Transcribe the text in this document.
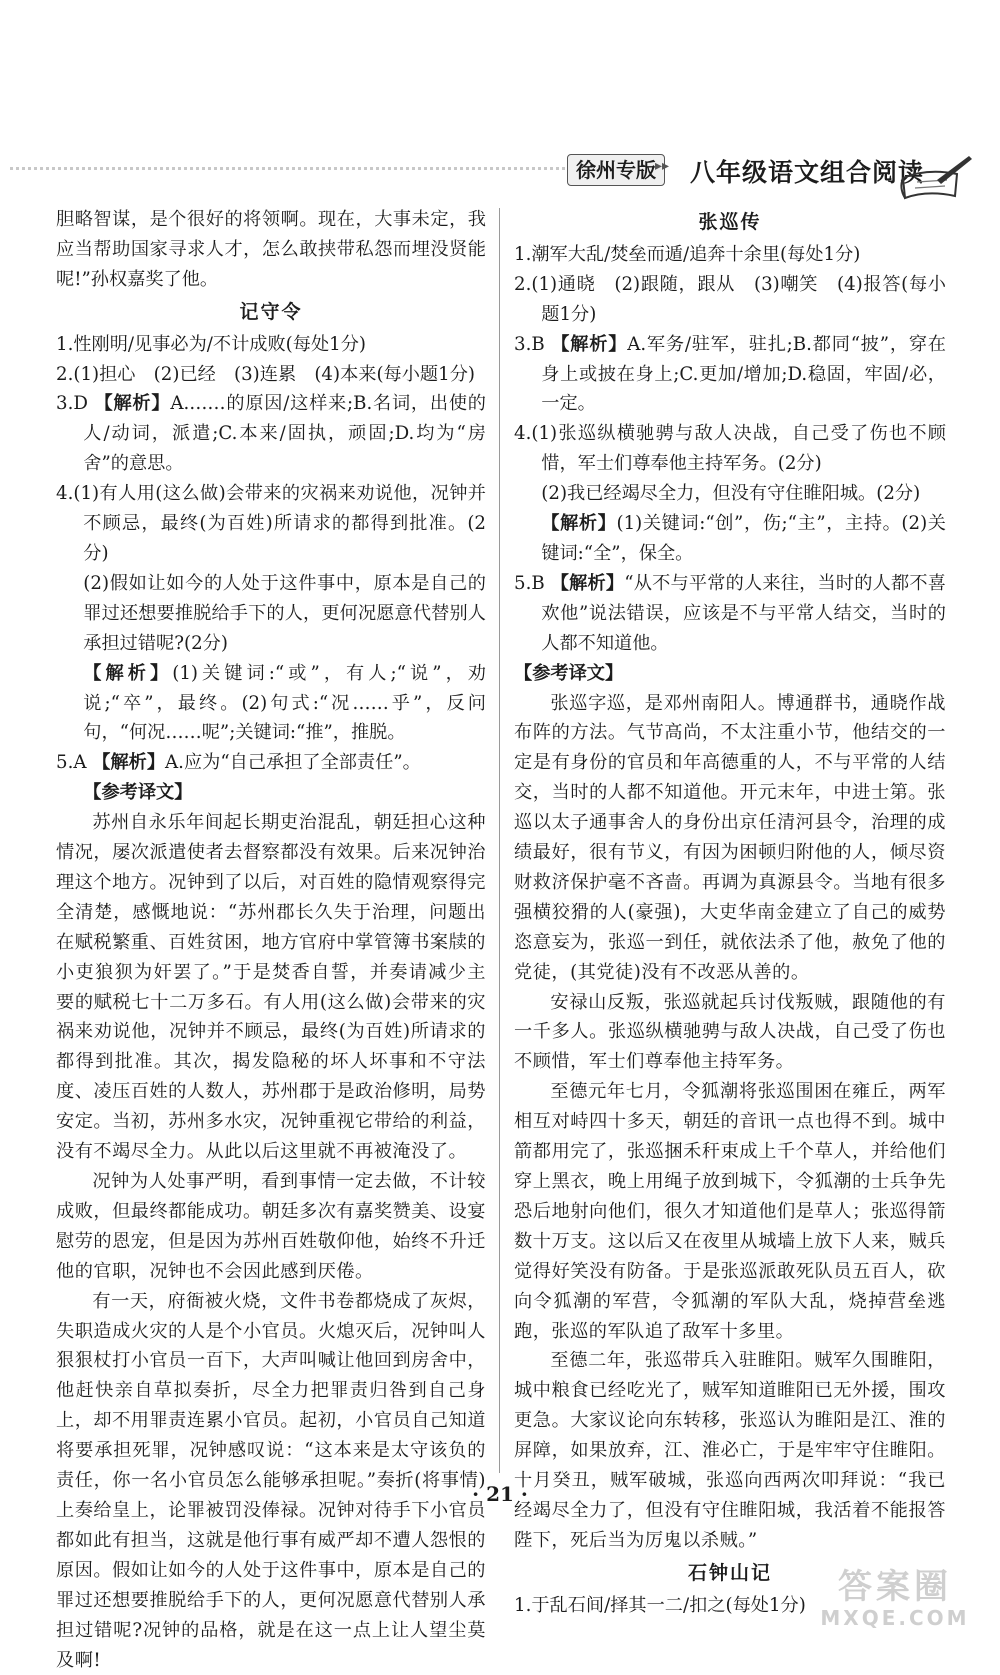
徐州专版 ▸▸ 八年级语文组合阅读

胆略智谋，是个很好的将领啊。现在，大事未定，我应当帮助国家寻求人才，怎么敢挟带私怨而埋没贤能呢!”孙权嘉奖了他。

记守令

1.性刚明/见事必为/不计成败(每处1分)

2.(1)担心　(2)已经　(3)连累　(4)本来(每小题1分)

3.D 【解析】A.……的原因/这样来;B.名词，出使的人/动词，派遣;C.本来/固执，顽固;D.均为“房舍”的意思。

4.(1)有人用(这么做)会带来的灾祸来劝说他，况钟并不顾忌，最终(为百姓)所请求的都得到批准。(2分)

(2)假如让如今的人处于这件事中，原本是自己的罪过还想要推脱给手下的人，更何况愿意代替别人承担过错呢?(2分)

【解析】(1)关键词:“或”，有人;“说”，劝说;“卒”，最终。(2)句式:“况……乎”，反问句，“何况……呢”;关键词:“推”，推脱。

5.A 【解析】A.应为“自己承担了全部责任”。

【参考译文】

苏州自永乐年间起长期吏治混乱，朝廷担心这种情况，屡次派遣使者去督察都没有效果。后来况钟治理这个地方。况钟到了以后，对百姓的隐情观察得完全清楚，感慨地说：“苏州郡长久失于治理，问题出在赋税繁重、百姓贫困，地方官府中掌管簿书案牍的小吏狼狈为奸罢了。”于是焚香自誓，并奏请减少主要的赋税七十二万多石。有人用(这么做)会带来的灾祸来劝说他，况钟并不顾忌，最终(为百姓)所请求的都得到批准。其次，揭发隐秘的坏人坏事和不守法度、凌压百姓的人数人，苏州郡于是政治修明，局势安定。当初，苏州多水灾，况钟重视它带给的利益，没有不竭尽全力。从此以后这里就不再被淹没了。

况钟为人处事严明，看到事情一定去做，不计较成败，但最终都能成功。朝廷多次有嘉奖赞美、设宴慰劳的恩宠，但是因为苏州百姓敬仰他，始终不升迁他的官职，况钟也不会因此感到厌倦。

有一天，府衙被火烧，文件书卷都烧成了灰烬，失职造成火灾的人是个小官员。火熄灭后，况钟叫人狠狠杖打小官员一百下，大声叫喊让他回到房舍中，他赶快亲自草拟奏折，尽全力把罪责归咎到自己身上，却不用罪责连累小官员。起初，小官员自己知道将要承担死罪，况钟感叹说：“这本来是太守该负的责任，你一名小官员怎么能够承担呢。”奏折(将事情)上奏给皇上，论罪被罚没俸禄。况钟对待手下小官员都如此有担当，这就是他行事有威严却不遭人怨恨的原因。假如让如今的人处于这件事中，原本是自己的罪过还想要推脱给手下的人，更何况愿意代替别人承担过错呢?况钟的品格，就是在这一点上让人望尘莫及啊!

张巡传

1.潮军大乱/焚垒而遁/追奔十余里(每处1分)

2.(1)通晓　(2)跟随，跟从　(3)嘲笑　(4)报答(每小题1分)

3.B 【解析】A.军务/驻军，驻扎;B.都同“披”，穿在身上或披在身上;C.更加/增加;D.稳固，牢固/必，一定。

4.(1)张巡纵横驰骋与敌人决战，自己受了伤也不顾惜，军士们尊奉他主持军务。(2分)

(2)我已经竭尽全力，但没有守住睢阳城。(2分)

【解析】(1)关键词:“创”，伤;“主”，主持。(2)关键词:“全”，保全。

5.B 【解析】“从不与平常的人来往，当时的人都不喜欢他”说法错误，应该是不与平常人结交，当时的人都不知道他。

【参考译文】

张巡字巡，是邓州南阳人。博通群书，通晓作战布阵的方法。气节高尚，不太注重小节，他结交的一定是有身份的官员和年高德重的人，不与平常的人结交，当时的人都不知道他。开元末年，中进士第。张巡以太子通事舍人的身份出京任清河县令，治理的成绩最好，很有节义，有因为困顿归附他的人，倾尽资财救济保护毫不吝啬。再调为真源县令。当地有很多强横狡猾的人(豪强)，大吏华南金建立了自己的威势恣意妄为，张巡一到任，就依法杀了他，赦免了他的党徒，(其党徒)没有不改恶从善的。

安禄山反叛，张巡就起兵讨伐叛贼，跟随他的有一千多人。张巡纵横驰骋与敌人决战，自己受了伤也不顾惜，军士们尊奉他主持军务。

至德元年七月，令狐潮将张巡围困在雍丘，两军相互对峙四十多天，朝廷的音讯一点也得不到。城中箭都用完了，张巡捆禾秆束成上千个草人，并给他们穿上黑衣，晚上用绳子放到城下，令狐潮的士兵争先恐后地射向他们，很久才知道他们是草人；张巡得箭数十万支。这以后又在夜里从城墙上放下人来，贼兵觉得好笑没有防备。于是张巡派敢死队员五百人，砍向令狐潮的军营，令狐潮的军队大乱，烧掉营垒逃跑，张巡的军队追了敌军十多里。

至德二年，张巡带兵入驻睢阳。贼军久围睢阳，城中粮食已经吃光了，贼军知道睢阳已无外援，围攻更急。大家议论向东转移，张巡认为睢阳是江、淮的屏障，如果放弃，江、淮必亡，于是牢牢守住睢阳。十月癸丑，贼军破城，张巡向西两次叩拜说：“我已经竭尽全力了，但没有守住睢阳城，我活着不能报答陛下，死后当为厉鬼以杀贼。”

石钟山记

1.于乱石间/择其一二/扣之(每处1分)

· 21 ·
答案圈
MXQE.COM
